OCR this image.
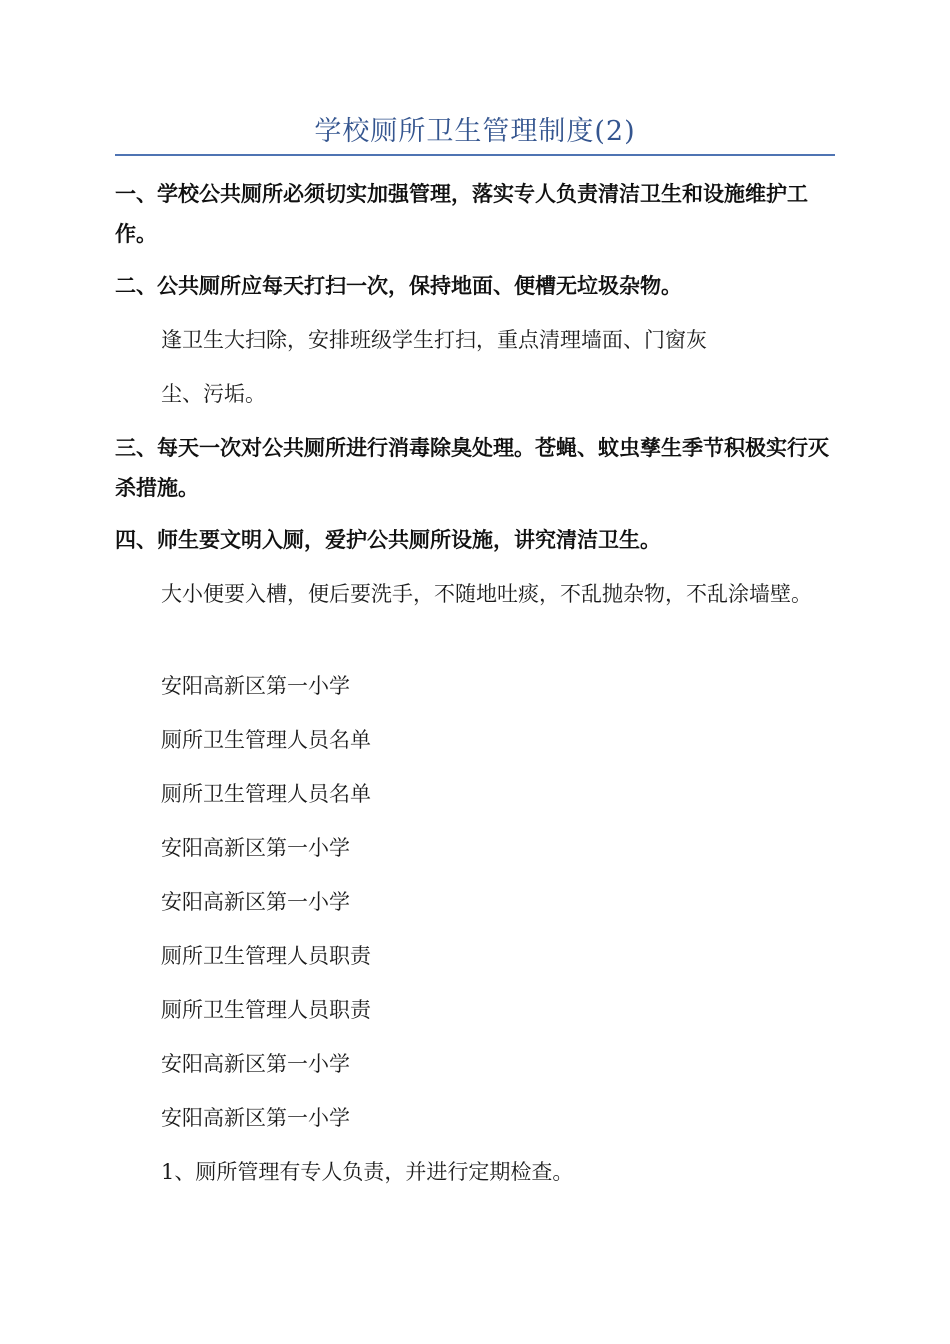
学校厕所卫生管理制度(2)

一、学校公共厕所必须切实加强管理，落实专人负责清洁卫生和设施维护工作。

二、公共厕所应每天打扫一次，保持地面、便槽无垃圾杂物。

逢卫生大扫除，安排班级学生打扫，重点清理墙面、门窗灰

尘、污垢。

三、每天一次对公共厕所进行消毒除臭处理。苍蝇、蚊虫孳生季节积极实行灭杀措施。

四、师生要文明入厕，爱护公共厕所设施，讲究清洁卫生。

大小便要入槽，便后要洗手，不随地吐痰，不乱抛杂物，不乱涂墙壁。

安阳高新区第一小学

厕所卫生管理人员名单

厕所卫生管理人员名单

安阳高新区第一小学

安阳高新区第一小学

厕所卫生管理人员职责

厕所卫生管理人员职责

安阳高新区第一小学

安阳高新区第一小学

1、厕所管理有专人负责，并进行定期检查。
